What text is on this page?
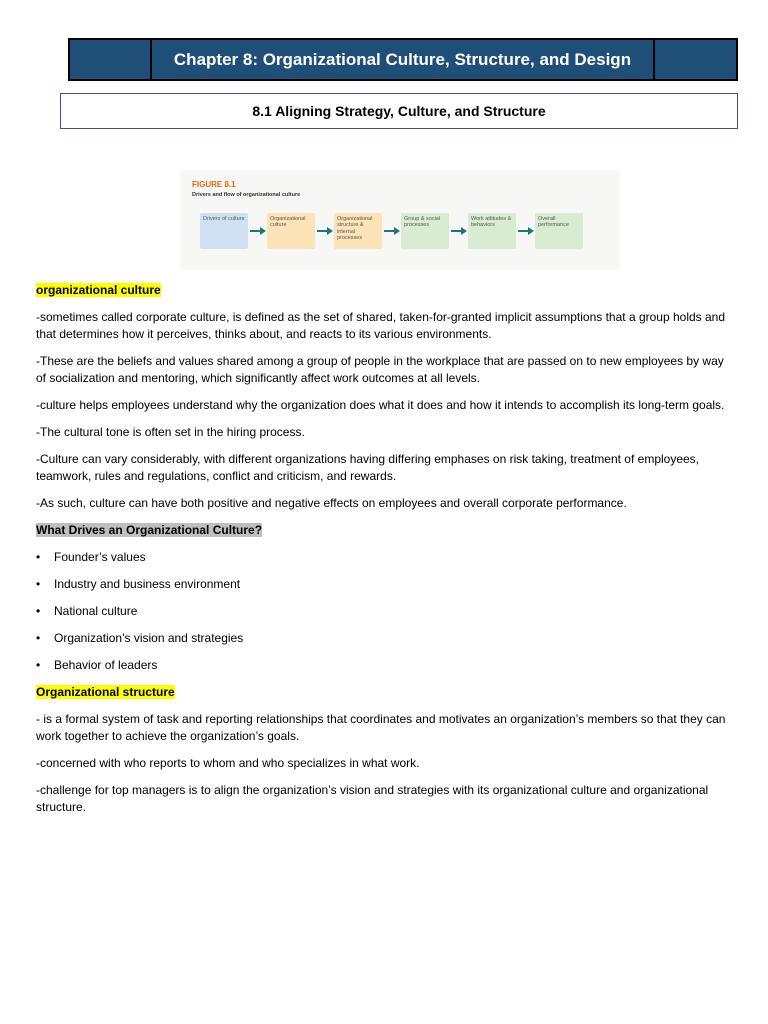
Chapter 8: Organizational Culture, Structure, and Design
8.1 Aligning Strategy, Culture, and Structure
FIGURE 8.1
Drivers and flow of organizational culture
Drivers of culture	Organizational culture
Organizational structure & internal processes
Group & social processes
Work attitudes & behaviors
Overall performance

organizational culture

-sometimes called corporate culture, is defined as the set of shared, taken-for-granted implicit assumptions that a group holds and that determines how it perceives, thinks about, and reacts to its various environments.

-These are the beliefs and values shared among a group of people in the workplace that are passed on to new employees by way of socialization and mentoring, which significantly affect work outcomes at all levels.

-culture helps employees understand why the organization does what it does and how it intends to accomplish its long-term goals.

-The cultural tone is often set in the hiring process.

-Culture can vary considerably, with different organizations having differing emphases on risk taking, treatment of employees, teamwork, rules and regulations, conflict and criticism, and rewards.

-As such, culture can have both positive and negative effects on employees and overall corporate performance.

What Drives an Organizational Culture?

• Founder’s values
• Industry and business environment
• National culture
• Organization’s vision and strategies
• Behavior of leaders

Organizational structure

- is a formal system of task and reporting relationships that coordinates and motivates an organization’s members so that they can work together to achieve the organization’s goals.

-concerned with who reports to whom and who specializes in what work.

-challenge for top managers is to align the organization’s vision and strategies with its organizational culture and organizational structure.
